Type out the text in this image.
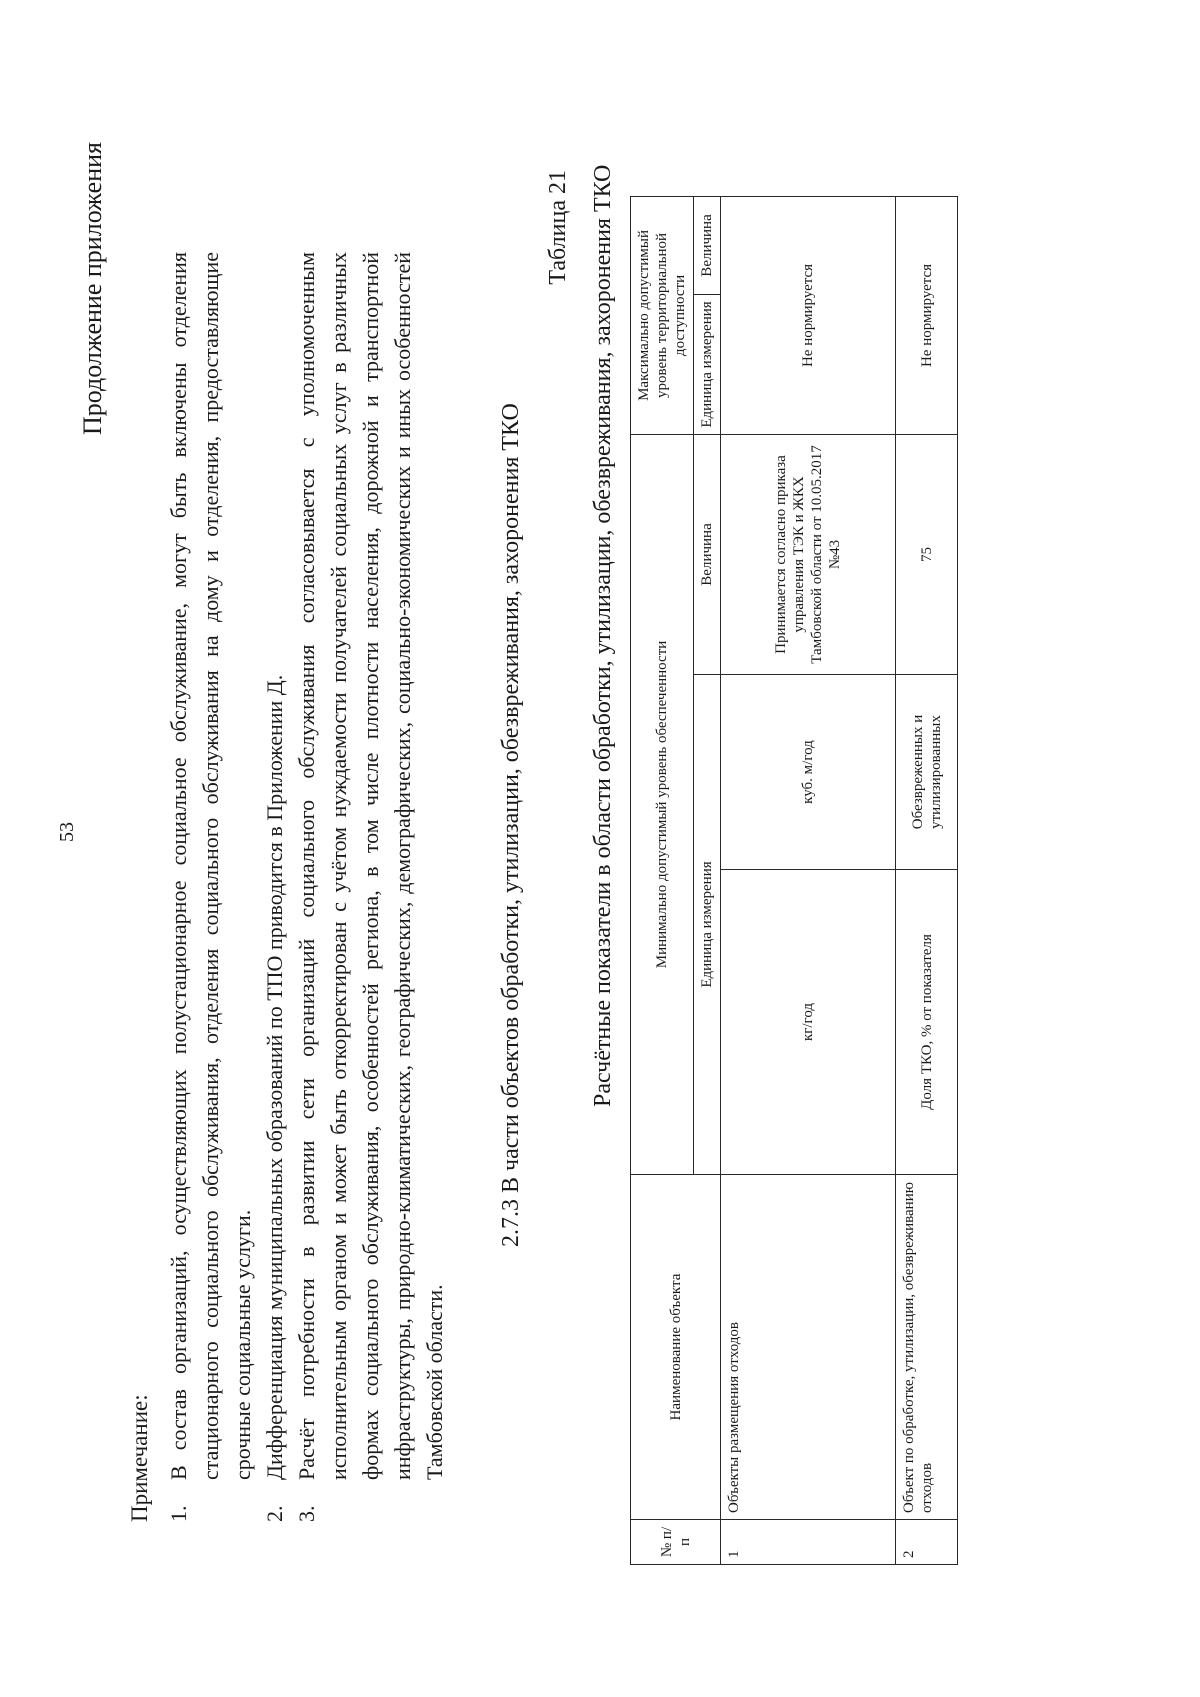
53
Продолжение приложения
Примечание: 1.
В состав организаций, осуществляющих полустационарное социальное обслуживание, могут быть включены отделения стационарного социального обслуживания, отделения социального обслуживания на дому и отделения, предоставляющие срочные социальные услуги.
2.
Дифференциация муниципальных образований по ТПО приводится в Приложении Д.
3.
Расчёт потребности в развитии сети организаций социального обслуживания согласовывается с уполномоченным исполнительным органом и может быть откорректирован с учётом нуждаемости получателей социальных услуг в различных формах социального обслуживания, особенностей региона, в том числе плотности населения, дорожной и транспортной инфраструктуры, природно-климатических, географических, демографических, социально-экономических и иных особенностей Тамбовской области.
2.7.3 В части объектов обработки, утилизации, обезвреживания, захоронения ТКО
Таблица 21 Расчётные показатели в области обработки, утилизации, обезвреживания, захоронения ТКО
№ п/п	Наименование объекта	Минимально допустимый уровень обеспеченности			Максимально допустимый уровень территориальной доступности	
		Единица измерения		Величина	Единица измерения	Величина
1	Объекты размещения отходов	кг/год	куб. м/год	Принимается согласно приказа управления ТЭК и ЖКХ Тамбовской области от 10.05.2017 №43	Не нормируется	
2	Объект по обработке, утилизации, обезвреживанию отходов	Доля ТКО, % от показателя	Обезвреженных и утилизированных	75	Не нормируется	
